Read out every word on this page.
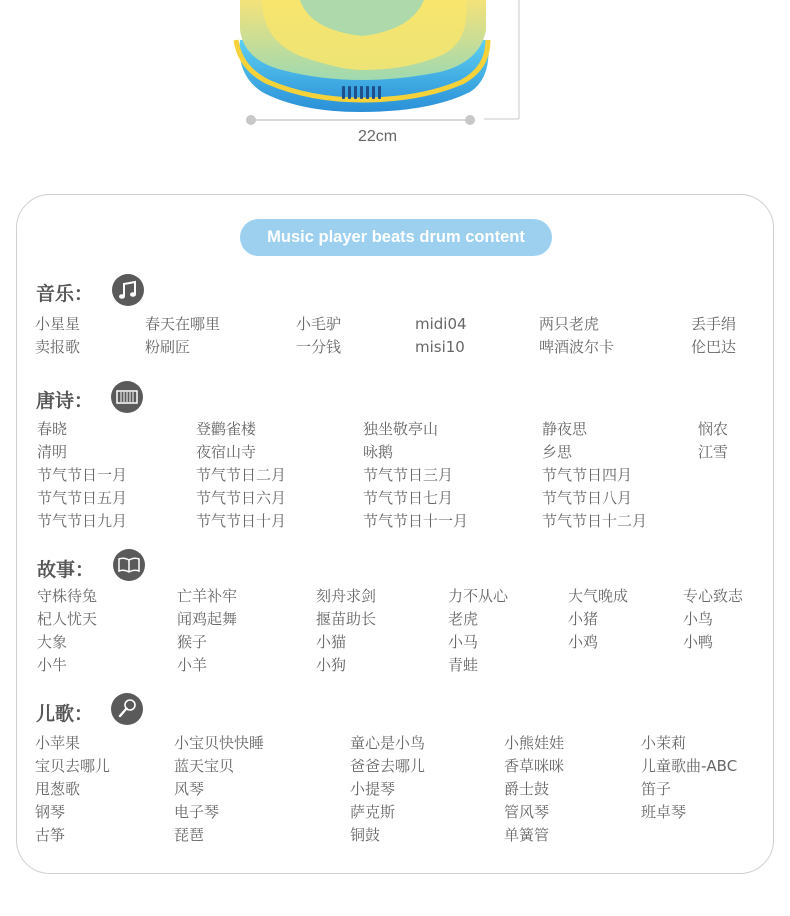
22cm
Music player beats drum content
音乐：
小星星	春天在哪里	小毛驴	midi04	两只老虎	丢手绢
卖报歌	粉刷匠	一分钱	misi10	啤酒波尔卡	伦巴达
唐诗：
春晓	登鹳雀楼	独坐敬亭山	静夜思	悯农
清明	夜宿山寺	咏鹅	乡思	江雪
节气节日一月	节气节日二月	节气节日三月	节气节日四月
节气节日五月	节气节日六月	节气节日七月	节气节日八月
节气节日九月	节气节日十月	节气节日十一月	节气节日十二月
故事：
守株待兔	亡羊补牢	刻舟求剑	力不从心	大气晚成	专心致志
杞人忧天	闻鸡起舞	揠苗助长	老虎	小猪	小鸟
大象	猴子	小猫	小马	小鸡	小鸭
小牛	小羊	小狗	青蛙
儿歌：
小苹果	小宝贝快快睡	童心是小鸟	小熊娃娃	小茉莉
宝贝去哪儿	蓝天宝贝	爸爸去哪儿	香草咪咪	儿童歌曲-ABC
甩葱歌	风琴	小提琴	爵士鼓	笛子
钢琴	电子琴	萨克斯	管风琴	班卓琴
古筝	琵琶	铜鼓	单簧管
